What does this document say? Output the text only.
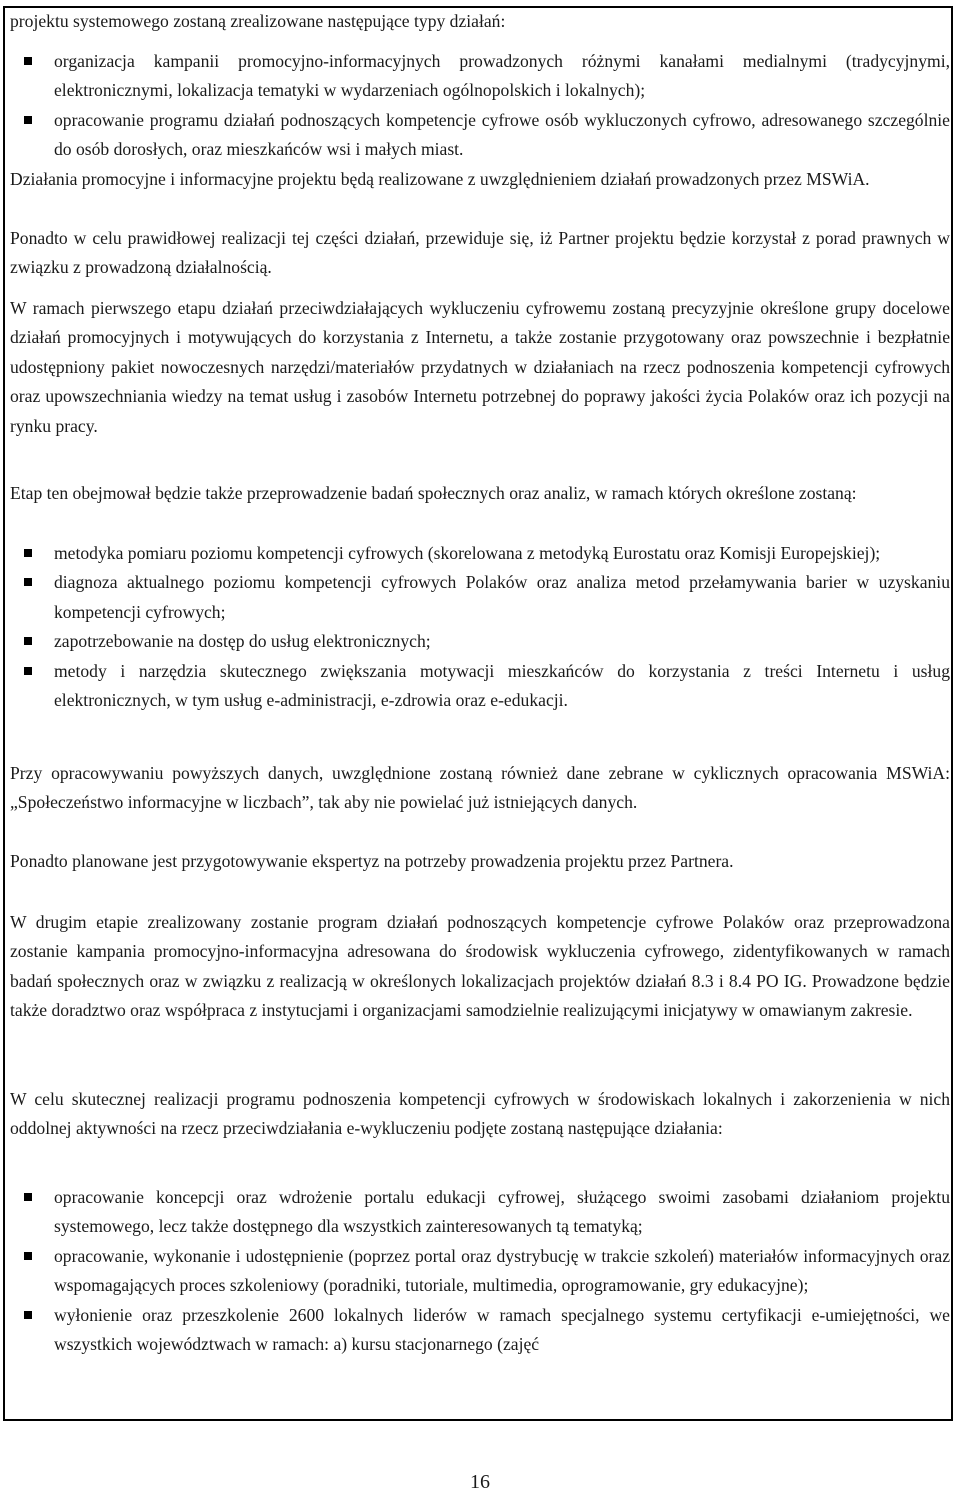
projektu systemowego zostaną zrealizowane następujące typy działań:

organizacja kampanii promocyjno-informacyjnych prowadzonych różnymi kanałami medialnymi (tradycyjnymi, elektronicznymi, lokalizacja tematyki w wydarzeniach ogólnopolskich i lokalnych);

opracowanie programu działań podnoszących kompetencje cyfrowe osób wykluczonych cyfrowo, adresowanego szczególnie do osób dorosłych, oraz mieszkańców wsi i małych miast.

Działania promocyjne i informacyjne projektu będą realizowane z uwzględnieniem działań prowadzonych przez MSWiA.

Ponadto w celu prawidłowej realizacji tej części działań, przewiduje się, iż Partner projektu będzie korzystał z porad prawnych w związku z prowadzoną działalnością.

W ramach pierwszego etapu działań przeciwdziałających wykluczeniu cyfrowemu zostaną precyzyjnie określone grupy docelowe działań promocyjnych i motywujących do korzystania z Internetu, a także zostanie przygotowany oraz powszechnie i bezpłatnie udostępniony pakiet nowoczesnych narzędzi/materiałów przydatnych w działaniach na rzecz podnoszenia kompetencji cyfrowych oraz upowszechniania wiedzy na temat usług i zasobów Internetu potrzebnej do poprawy jakości życia Polaków oraz ich pozycji na rynku pracy.

Etap ten obejmował będzie także przeprowadzenie badań społecznych oraz analiz, w ramach których określone zostaną:

metodyka pomiaru poziomu kompetencji cyfrowych (skorelowana z metodyką Eurostatu oraz Komisji Europejskiej);

diagnoza aktualnego poziomu kompetencji cyfrowych Polaków oraz analiza metod przełamywania barier w uzyskaniu kompetencji cyfrowych;

zapotrzebowanie na dostęp do usług elektronicznych;

metody i narzędzia skutecznego zwiększania motywacji mieszkańców do korzystania z treści Internetu i usług elektronicznych, w tym usług e-administracji, e-zdrowia oraz e-edukacji.

Przy opracowywaniu powyższych danych, uwzględnione zostaną również dane zebrane w cyklicznych opracowania MSWiA: „Społeczeństwo informacyjne w liczbach”, tak aby nie powielać już istniejących danych.

Ponadto planowane jest przygotowywanie ekspertyz na potrzeby prowadzenia projektu przez Partnera.

W drugim etapie zrealizowany zostanie program działań podnoszących kompetencje cyfrowe Polaków oraz przeprowadzona zostanie kampania promocyjno-informacyjna adresowana do środowisk wykluczenia cyfrowego, zidentyfikowanych w ramach badań społecznych oraz w związku z realizacją w określonych lokalizacjach projektów działań 8.3 i 8.4 PO IG. Prowadzone będzie także doradztwo oraz współpraca z instytucjami i organizacjami samodzielnie realizującymi inicjatywy w omawianym zakresie.

W celu skutecznej realizacji programu podnoszenia kompetencji cyfrowych w środowiskach lokalnych i zakorzenienia w nich oddolnej aktywności na rzecz przeciwdziałania e-wykluczeniu podjęte zostaną następujące działania:

opracowanie koncepcji oraz wdrożenie portalu edukacji cyfrowej, służącego swoimi zasobami działaniom projektu systemowego, lecz także dostępnego dla wszystkich zainteresowanych tą tematyką;

opracowanie, wykonanie i udostępnienie (poprzez portal oraz dystrybucję w trakcie szkoleń) materiałów informacyjnych oraz wspomagających proces szkoleniowy (poradniki, tutoriale, multimedia, oprogramowanie, gry edukacyjne);

wyłonienie oraz przeszkolenie 2600 lokalnych liderów w ramach specjalnego systemu certyfikacji e-umiejętności, we wszystkich województwach w ramach: a) kursu stacjonarnego (zajęć

16
